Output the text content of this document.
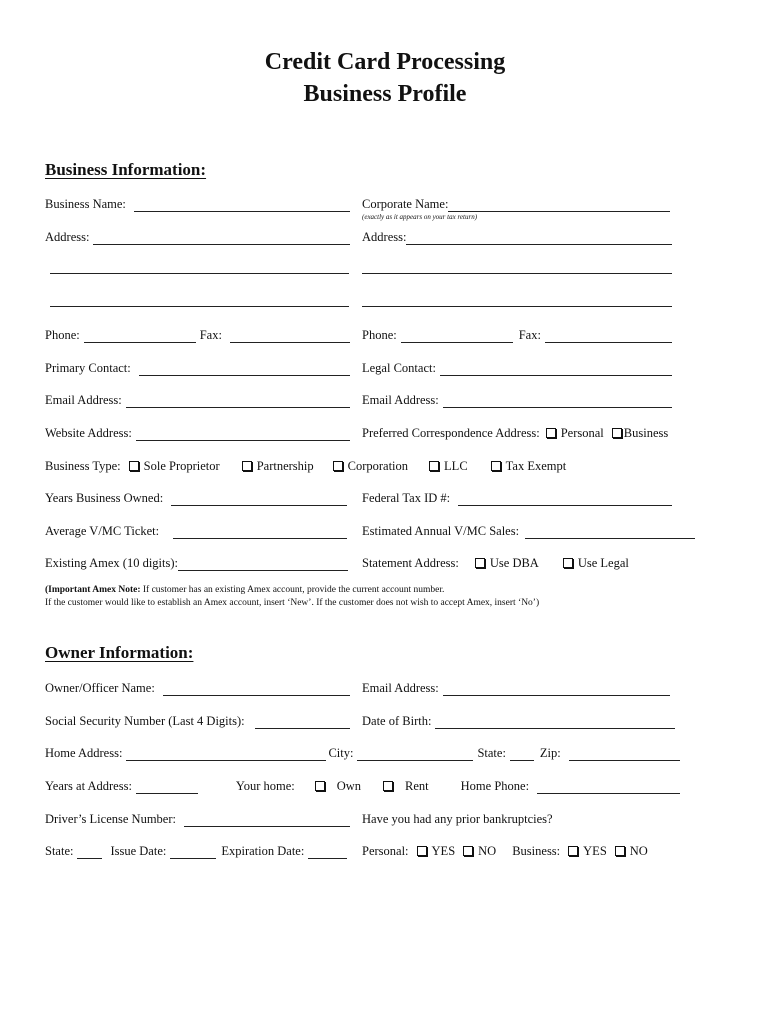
Credit Card Processing
Business Profile
Business Information:
Business Name:	Corporate Name:
(exactly as it appears on your tax return)
Address:	Address:
Phone:	Fax:	Phone:	Fax:
Primary Contact:	Legal Contact:
Email Address:	Email Address:
Website Address:	Preferred Correspondence Address: Personal Business
Business Type: Sole Proprietor	Partnership	Corporation	LLC	Tax Exempt
Years Business Owned:	Federal Tax ID #:
Average V/MC Ticket:	Estimated Annual V/MC Sales:
Existing Amex (10 digits):	Statement Address: Use DBA	Use Legal
(Important Amex Note: If customer has an existing Amex account, provide the current account number.
If the customer would like to establish an Amex account, insert ‘New’. If the customer does not wish to accept Amex, insert ‘No’)
Owner Information:
Owner/Officer Name:	Email Address:
Social Security Number (Last 4 Digits):	Date of Birth:
Home Address:	City:	State:	Zip:
Years at Address:	Your home:	Own	Rent	Home Phone:
Driver’s License Number:	Have you had any prior bankruptcies?
State:	Issue Date:	Expiration Date:	Personal: YES NO Business: YES NO
